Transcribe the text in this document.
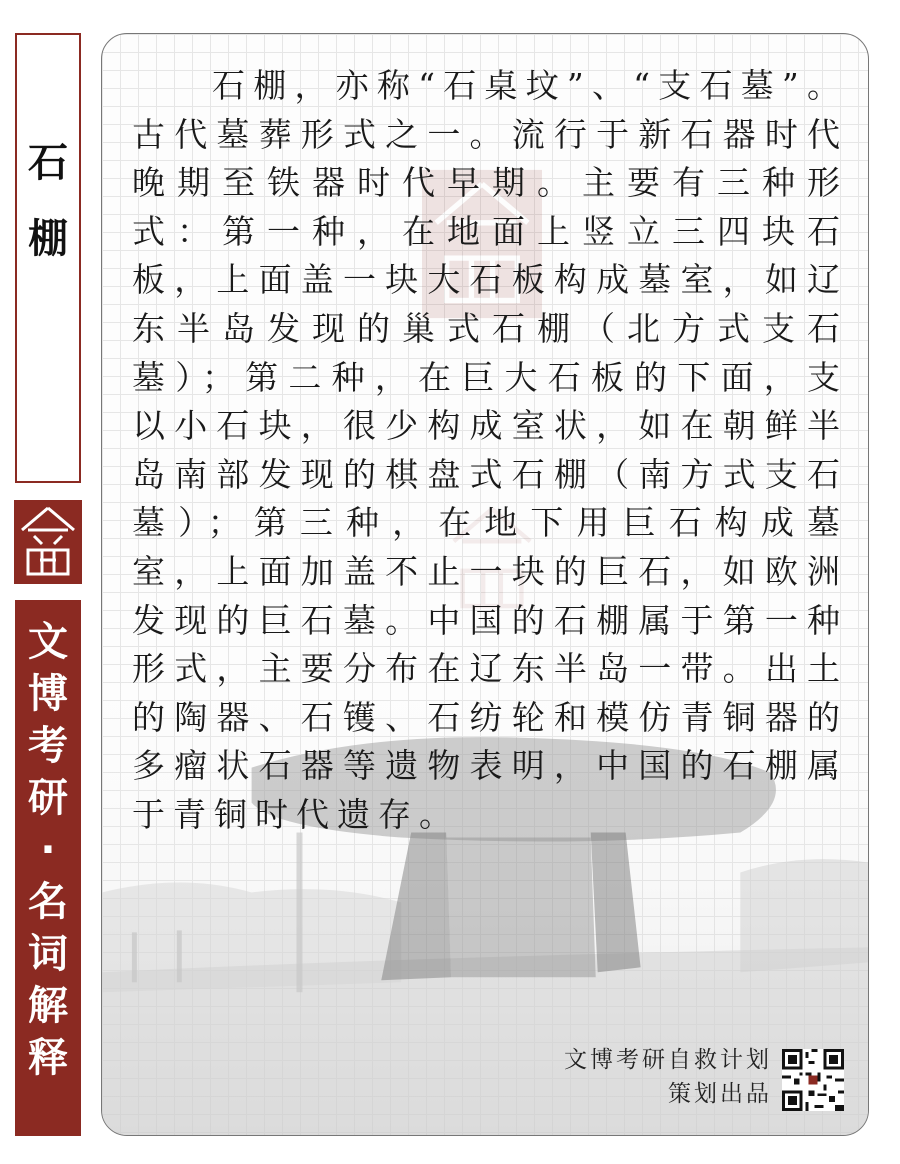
石
棚
文
博
考
研
·
名
词
解
释

石棚，亦称“石桌坟”、“支石墓”。古代墓葬形式之一。流行于新石器时代晚期至铁器时代早期。主要有三种形式：第一种，在地面上竖立三四块石板，上面盖一块大石板构成墓室，如辽东半岛发现的巢式石棚（北方式支石墓）；第二种，在巨大石板的下面，支以小石块，很少构成室状，如在朝鲜半岛南部发现的棋盘式石棚（南方式支石墓）；第三种，在地下用巨石构成墓室，上面加盖不止一块的巨石，如欧洲发现的巨石墓。中国的石棚属于第一种形式，主要分布在辽东半岛一带。出土的陶器、石镬、石纺轮和模仿青铜器的多瘤状石器等遗物表明，中国的石棚属于青铜时代遗存。

文博考研自救计划
策划出品
